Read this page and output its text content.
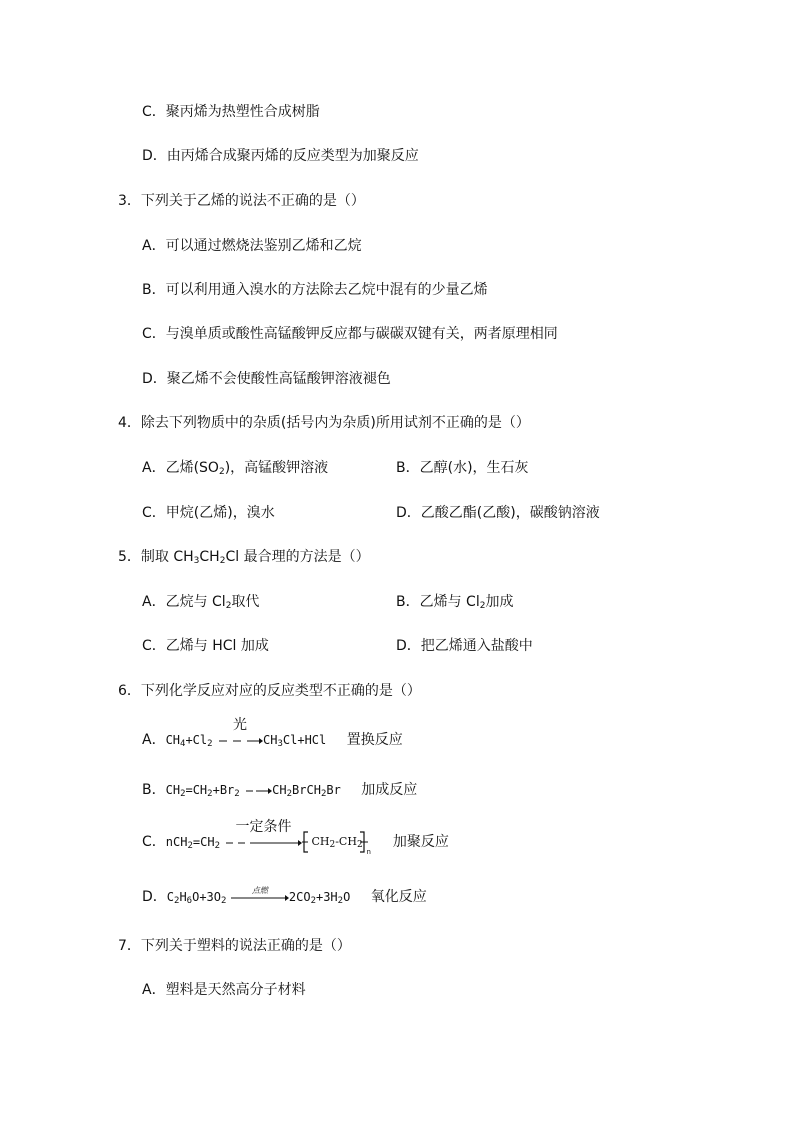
C．聚丙烯为热塑性合成树脂
D．由丙烯合成聚丙烯的反应类型为加聚反应
3．下列关于乙烯的说法不正确的是（）
A．可以通过燃烧法鉴别乙烯和乙烷
B．可以利用通入溴水的方法除去乙烷中混有的少量乙烯
C．与溴单质或酸性高锰酸钾反应都与碳碳双键有关，两者原理相同
D．聚乙烯不会使酸性高锰酸钾溶液褪色
4．除去下列物质中的杂质(括号内为杂质)所用试剂不正确的是（）
A．乙烯$(SO_2)$，高锰酸钾溶液	B．乙醇(水)，生石灰
C．甲烷(乙烯)，溴水	D．乙酸乙酯(乙酸)，碳酸钠溶液
5．制取 $CH_3CH_2Cl$ 最合理的方法是（）
A．乙烷与 $Cl_2$取代	B．乙烯与 $Cl_2$加成
C．乙烯与 HCl 加成	D．把乙烯通入盐酸中
6．下列化学反应对应的反应类型不正确的是（）
A．$CH_4+Cl_2$
光
$CH_3Cl+HCl$ 置换反应
B．$CH_2=CH_2+Br_2$	$CH_2BrCH_2Br$ 加成反应
C．$nCH_2=CH_2$
一定条件
$CH_2-CH_2$
n
加聚反应
D．$C_2H_6O+3O_2$
点燃	$2CO_2+3H_2O$ 氧化反应
7．下列关于塑料的说法正确的是（）
A．塑料是天然高分子材料
